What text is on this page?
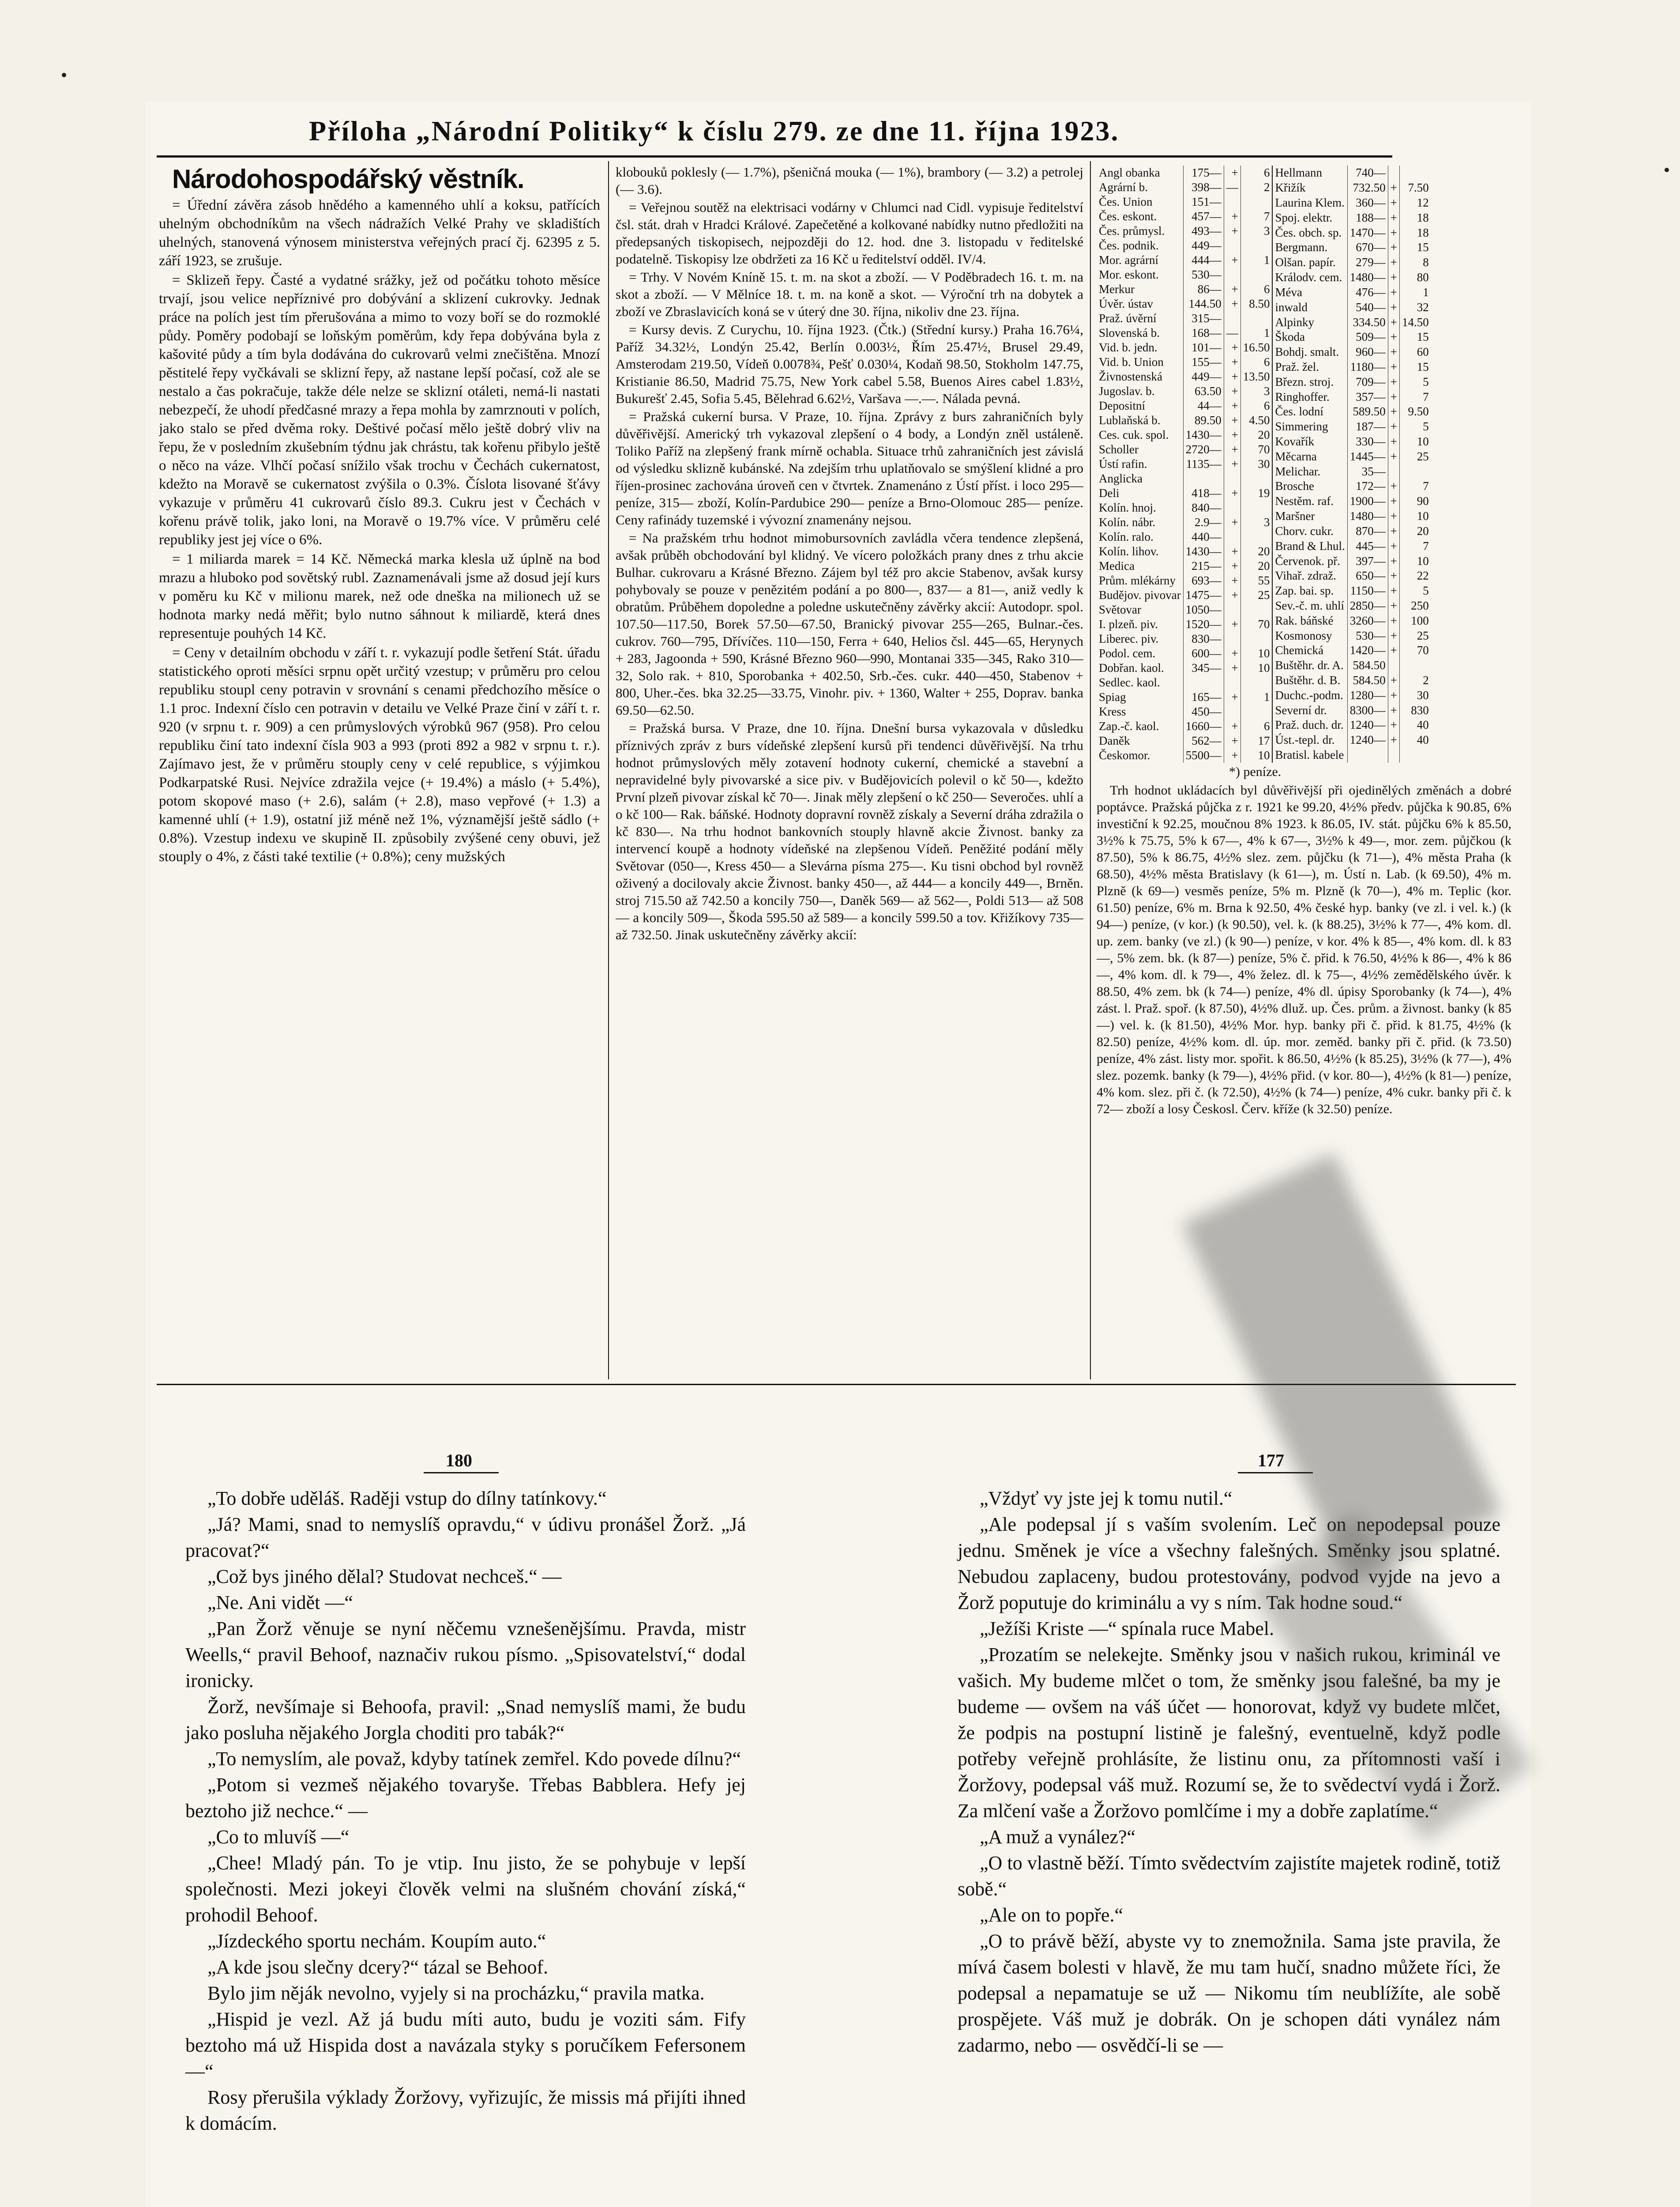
Příloha „Národní Politiky“ k číslu 279. ze dne 11. října 1923.

Národohospodářský věstník.

= Úřední závěra zásob hnědého a kamenného uhlí a koksu, patřících uhelným obchodníkům na všech nádražích Velké Prahy ve skladištích uhelných, stanovená výnosem ministerstva veřejných prací čj. 62395 z 5. září 1923, se zrušuje.

= Sklizeň řepy. Časté a vydatné srážky, jež od počátku tohoto měsíce trvají, jsou velice nepříznivé pro dobývání a sklizení cukrovky. Jednak práce na polích jest tím přerušována a mimo to vozy boří se do rozmoklé půdy. Poměry podobají se loňským poměrům, kdy řepa dobývána byla z kašovité půdy a tím byla dodávána do cukrovarů velmi znečištěna. Mnozí pěstitelé řepy vyčkávali se sklizní řepy, až nastane lepší počasí, což ale se nestalo a čas pokračuje, takže déle nelze se sklizní otáleti, nemá-li nastati nebezpečí, že uhodí předčasné mrazy a řepa mohla by zamrznouti v polích, jako stalo se před dvěma roky. Deštivé počasí mělo ještě dobrý vliv na řepu, že v posledním zkušebním týdnu jak chrástu, tak kořenu přibylo ještě o něco na váze. Vlhčí počasí snížilo však trochu v Čechách cukernatost, kdežto na Moravě se cukernatost zvýšila o 0.3%. Číslota lisované šťávy vykazuje v průměru 41 cukrovarů číslo 89.3. Cukru jest v Čechách v kořenu právě tolik, jako loni, na Moravě o 19.7% více. V průměru celé republiky jest jej více o 6%.

= 1 miliarda marek = 14 Kč. Německá marka klesla už úplně na bod mrazu a hluboko pod sovětský rubl. Zaznamenávali jsme až dosud její kurs v poměru ku Kč v milionu marek, než ode dneška na milionech už se hodnota marky nedá měřit; bylo nutno sáhnout k miliardě, která dnes representuje pouhých 14 Kč.

= Ceny v detailním obchodu v září t. r. vykazují podle šetření Stát. úřadu statistického oproti měsíci srpnu opět určitý vzestup; v průměru pro celou republiku stoupl ceny potravin v srovnání s cenami předchozího měsíce o 1.1 proc. Indexní číslo cen potravin v detailu ve Velké Praze činí v září t. r. 920 (v srpnu t. r. 909) a cen průmyslových výrobků 967 (958). Pro celou republiku činí tato indexní čísla 903 a 993 (proti 892 a 982 v srpnu t. r.). Zajímavo jest, že v průměru stouply ceny v celé republice, s výjimkou Podkarpatské Rusi. Nejvíce zdražila vejce (+ 19.4%) a máslo (+ 5.4%), potom skopové maso (+ 2.6), salám (+ 2.8), maso vepřové (+ 1.3) a kamenné uhlí (+ 1.9), ostatní již méně než 1%, významější ještě sádlo (+ 0.8%). Vzestup indexu ve skupině II. způsobily zvýšené ceny obuvi, jež stouply o 4%, z části také textilie (+ 0.8%); ceny mužských

klobouků poklesly (— 1.7%), pšeničná mouka (— 1%), brambory (— 3.2) a petrolej (— 3.6).

= Veřejnou soutěž na elektrisaci vodárny v Chlumci nad Cidl. vypisuje ředitelství čsl. stát. drah v Hradci Králové. Zapečetěné a kolkované nabídky nutno předložiti na předepsaných tiskopisech, nejpozději do 12. hod. dne 3. listopadu v ředitelské podatelně. Tiskopisy lze obdržeti za 16 Kč u ředitelství odděl. IV/4.

= Trhy. V Novém Kníně 15. t. m. na skot a zboží. — V Poděbradech 16. t. m. na skot a zboží. — V Mělníce 18. t. m. na koně a skot. — Výroční trh na dobytek a zboží ve Zbraslavicích koná se v úterý dne 30. října, nikoliv dne 23. října.

= Kursy devis. Z Curychu, 10. října 1923. (Čtk.) (Střední kursy.) Praha 16.76¼, Paříž 34.32½, Londýn 25.42, Berlín 0.003½, Řím 25.47½, Brusel 29.49, Amsterodam 219.50, Vídeň 0.0078¾, Pešť 0.030¼, Kodaň 98.50, Stokholm 147.75, Kristianie 86.50, Madrid 75.75, New York cabel 5.58, Buenos Aires cabel 1.83½, Bukurešť 2.45, Sofia 5.45, Bělehrad 6.62½, Varšava —.—. Nálada pevná.

= Pražská cukerní bursa. V Praze, 10. října. Zprávy z burs zahraničních byly důvěřivější. Americký trh vykazoval zlepšení o 4 body, a Londýn zněl ustáleně. Toliko Paříž na zlepšený frank mírně ochabla. Situace trhů zahraničních jest závislá od výsledku sklizně kubánské. Na zdejším trhu uplatňovalo se smýšlení klidné a pro říjen-prosinec zachována úroveň cen v čtvrtek. Znamenáno z Ústí příst. i loco 295— peníze, 315— zboží, Kolín-Pardubice 290— peníze a Brno-Olomouc 285— peníze. Ceny rafinády tuzemské i vývozní znamenány nejsou.

= Na pražském trhu hodnot mimobursovních zavládla včera tendence zlepšená, avšak průběh obchodování byl klidný. Ve vícero položkách prany dnes z trhu akcie Bulhar. cukrovaru a Krásné Březno. Zájem byl též pro akcie Stabenov, avšak kursy pohybovaly se pouze v penězitém podání a po 800—, 837— a 81—, aniž vedly k obratům. Průběhem dopoledne a poledne uskutečněny závěrky akcií: Autodopr. spol. 107.50—117.50, Borek 57.50—67.50, Branický pivovar 255—265, Bulnar.-čes. cukrov. 760—795, Dřívíčes. 110—150, Ferra + 640, Helios čsl. 445—65, Herynych + 283, Jagoonda + 590, Krásné Březno 960—990, Montanai 335—345, Rako 310—32, Solo rak. + 810, Sporobanka + 402.50, Srb.-čes. cukr. 440—450, Stabenov + 800, Uher.-čes. bka 32.25—33.75, Vinohr. piv. + 1360, Walter + 255, Doprav. banka 69.50—62.50.

= Pražská bursa. V Praze, dne 10. října. Dnešní bursa vykazovala v důsledku příznivých zpráv z burs vídeňské zlepšení kursů při tendenci důvěřivější. Na trhu hodnot průmyslových měly zotavení hodnoty cukerní, chemické a stavební a nepravidelné byly pivovarské a sice piv. v Budějovicích polevil o kč 50—, kdežto První plzeň pivovar získal kč 70—. Jinak měly zlepšení o kč 250— Severočes. uhlí a o kč 100— Rak. báňské. Hodnoty dopravní rovněž získaly a Severní dráha zdražila o kč 830—. Na trhu hodnot bankovních stouply hlavně akcie Živnost. banky za intervencí koupě a hodnoty vídeňské na zlepšenou Vídeň. Peněžité podání měly Světovar (050—, Kress 450— a Slevárna písma 275—. Ku tisni obchod byl rovněž oživený a docilovaly akcie Živnost. banky 450—, až 444— a koncily 449—, Brněn. stroj 715.50 až 742.50 a koncily 750—, Daněk 569— až 562—, Poldi 513— až 508— a koncily 509—, Škoda 595.50 až 589— a koncily 599.50 a tov. Křižíkovy 735— až 732.50. Jinak uskutečněny závěrky akcií:

Angl obanka	175—	+	6
Agrární b.	398—	—	2
Čes. Union	151—		
Čes. eskont.	457—	+	7
Čes. průmysl.	493—	+	3
Čes. podnik.	449—		
Mor. agrární	444—	+	1
Mor. eskont.	530—		
Merkur	86—	+	6
Úvěr. ústav	144.50	+	8.50
Praž. úvěrní	315—		
Slovenská b.	168—	—	1
Vid. b. jedn.	101—	+	16.50
Vid. b. Union	155—	+	6
Živnostenská	449—	+	13.50
Jugoslav. b.	63.50	+	3
Depositní	44—	+	6
Lublaňská b.	89.50	+	4.50
Ces. cuk. spol.	1430—	+	20
Scholler	2720—	+	70
Ústí rafin.	1135—	+	30
Anglicka			
Deli	418—	+	19
Kolín. hnoj.	840—		
Kolín. nábr.	2.9—	+	3
Kolín. ralo.	440—		
Kolín. lihov.	1430—	+	20
Medica	215—	+	20
Prům. mlékárny	693—	+	55
Budějov. pivovar	1475—	+	25
Světovar	1050—		
I. plzeň. piv.	1520—	+	70
Liberec. piv.	830—		
Podol. cem.	600—	+	10
Dobřan. kaol.	345—	+	10
Sedlec. kaol.			
Spiag	165—	+	1
Kress	450—		
Zap.-č. kaol.	1660—	+	6
Daněk	562—	+	17
Českomor.	5500—	+	10
Hellmann	740—		
Křižík	732.50	+	7.50
Laurina Klem.	360—	+	12
Spoj. elektr.	188—	+	18
Čes. obch. sp.	1470—	+	18
Bergmann.	670—	+	15
Olšan. papír.	279—	+	8
Králodv. cem.	1480—	+	80
Méva	476—	+	1
inwald	540—	+	32
Alpinky	334.50	+	14.50
Škoda	509—	+	15
Bohdj. smalt.	960—	+	60
Praž. žel.	1180—	+	15
Březn. stroj.	709—	+	5
Ringhoffer.	357—	+	7
Čes. lodní	589.50	+	9.50
Simmering	187—	+	5
Kovařík	330—	+	10
Měcarna	1445—	+	25
Melichar.	35—		
Brosche	172—	+	7
Nestěm. raf.	1900—	+	90
Maršner	1480—	+	10
Chorv. cukr.	870—	+	20
Brand & Lhul.	445—	+	7
Červenok. př.	397—	+	10
Vihař. zdraž.	650—	+	22
Zap. bai. sp.	1150—	+	5
Sev.-č. m. uhlí	2850—	+	250
Rak. báňské	3260—	+	100
Kosmonosy	530—	+	25
Chemická	1420—	+	70
Buštěhr. dr. A.	584.50		
Buštěhr. d. B.	584.50	+	2
Duchc.-podm.	1280—	+	30
Severní dr.	8300—	+	830
Praž. duch. dr.	1240—	+	40
Úst.-tepl. dr.	1240—	+	40
Bratisl. kabele			

*) peníze.

Trh hodnot ukládacích byl důvěřivější při ojedinělých změnách a dobré poptávce. Pražská půjčka z r. 1921 ke 99.20, 4½% předv. půjčka k 90.85, 6% investiční k 92.25, moučnou 8% 1923. k 86.05, IV. stát. půjčku 6% k 85.50, 3½% k 75.75, 5% k 67—, 4% k 67—, 3½% k 49—, mor. zem. půjčkou (k 87.50), 5% k 86.75, 4½% slez. zem. půjčku (k 71—), 4% města Praha (k 68.50), 4½% města Bratislavy (k 61—), m. Ústí n. Lab. (k 69.50), 4% m. Plzně (k 69—) vesměs peníze, 5% m. Plzně (k 70—), 4% m. Teplic (kor. 61.50) peníze, 6% m. Brna k 92.50, 4% české hyp. banky (ve zl. i vel. k.) (k 94—) peníze, (v kor.) (k 90.50), vel. k. (k 88.25), 3½% k 77—, 4% kom. dl. up. zem. banky (ve zl.) (k 90—) peníze, v kor. 4% k 85—, 4% kom. dl. k 83—, 5% zem. bk. (k 87—) peníze, 5% č. přid. k 76.50, 4½% k 86—, 4% k 86—, 4% kom. dl. k 79—, 4% želez. dl. k 75—, 4½% zemědělského úvěr. k 88.50, 4% zem. bk (k 74—) peníze, 4% dl. úpisy Sporobanky (k 74—), 4% zást. l. Praž. spoř. (k 87.50), 4½% dluž. up. Čes. prům. a živnost. banky (k 85—) vel. k. (k 81.50), 4½% Mor. hyp. banky při č. přid. k 81.75, 4½% (k 82.50) peníze, 4½% kom. dl. úp. mor. zeměd. banky při č. přid. (k 73.50) peníze, 4% zást. listy mor. spořit. k 86.50, 4½% (k 85.25), 3½% (k 77—), 4% slez. pozemk. banky (k 79—), 4½% přid. (v kor. 80—), 4½% (k 81—) peníze, 4% kom. slez. při č. (k 72.50), 4½% (k 74—) peníze, 4% cukr. banky při č. k 72— zboží a losy Českosl. Červ. kříže (k 32.50) peníze.

180

„To dobře uděláš. Raději vstup do dílny tatínkovy.“

„Já? Mami, snad to nemyslíš opravdu,“ v údivu pronášel Žorž. „Já pracovat?“

„Což bys jiného dělal? Studovat nechceš.“ —

„Ne. Ani vidět —“

„Pan Žorž věnuje se nyní něčemu vznešenějšímu. Pravda, mistr Weells,“ pravil Behoof, naznačiv rukou písmo. „Spisovatelství,“ dodal ironicky.

Žorž, nevšímaje si Behoofa, pravil: „Snad nemyslíš mami, že budu jako posluha nějakého Jorgla choditi pro tabák?“

„To nemyslím, ale považ, kdyby tatínek zemřel. Kdo povede dílnu?“

„Potom si vezmeš nějakého tovaryše. Třebas Babblera. Hefy jej beztoho již nechce.“ —

„Co to mluvíš —“

„Chee! Mladý pán. To je vtip. Inu jisto, že se pohybuje v lepší společnosti. Mezi jokeyi člověk velmi na slušném chování získá,“ prohodil Behoof.

„Jízdeckého sportu nechám. Koupím auto.“

„A kde jsou slečny dcery?“ tázal se Behoof.

Bylo jim něják nevolno, vyjely si na procházku,“ pravila matka.

„Hispid je vezl. Až já budu míti auto, budu je voziti sám. Fify beztoho má už Hispida dost a navázala styky s poručíkem Fefersonem —“

Rosy přerušila výklady Žoržovy, vyřizujíc, že missis má přijíti ihned k domácím.

177

„Vždyť vy jste jej k tomu nutil.“

„Ale podepsal jí s vaším svolením. Leč on nepodepsal pouze jednu. Směnek je více a všechny falešných. Směnky jsou splatné. Nebudou zaplaceny, budou protestovány, podvod vyjde na jevo a Žorž poputuje do kriminálu a vy s ním. Tak hodne soud.“

„Ježíši Kriste —“ spínala ruce Mabel.

„Prozatím se nelekejte. Směnky jsou v našich rukou, kriminál ve vašich. My budeme mlčet o tom, že směnky jsou falešné, ba my je budeme — ovšem na váš účet — honorovat, když vy budete mlčet, že podpis na postupní listině je falešný, eventuelně, když podle potřeby veřejně prohlásíte, že listinu onu, za přítomnosti vaší i Žoržovy, podepsal váš muž. Rozumí se, že to svědectví vydá i Žorž. Za mlčení vaše a Žoržovo pomlčíme i my a dobře zaplatíme.“

„A muž a vynález?“

„O to vlastně běží. Tímto svědectvím zajistíte majetek rodině, totiž sobě.“

„Ale on to popře.“

„O to právě běží, abyste vy to znemožnila. Sama jste pravila, že mívá časem bolesti v hlavě, že mu tam hučí, snadno můžete říci, že podepsal a nepamatuje se už — Nikomu tím neublížíte, ale sobě prospějete. Váš muž je dobrák. On je schopen dáti vynález nám zadarmo, nebo — osvědčí-li se —
